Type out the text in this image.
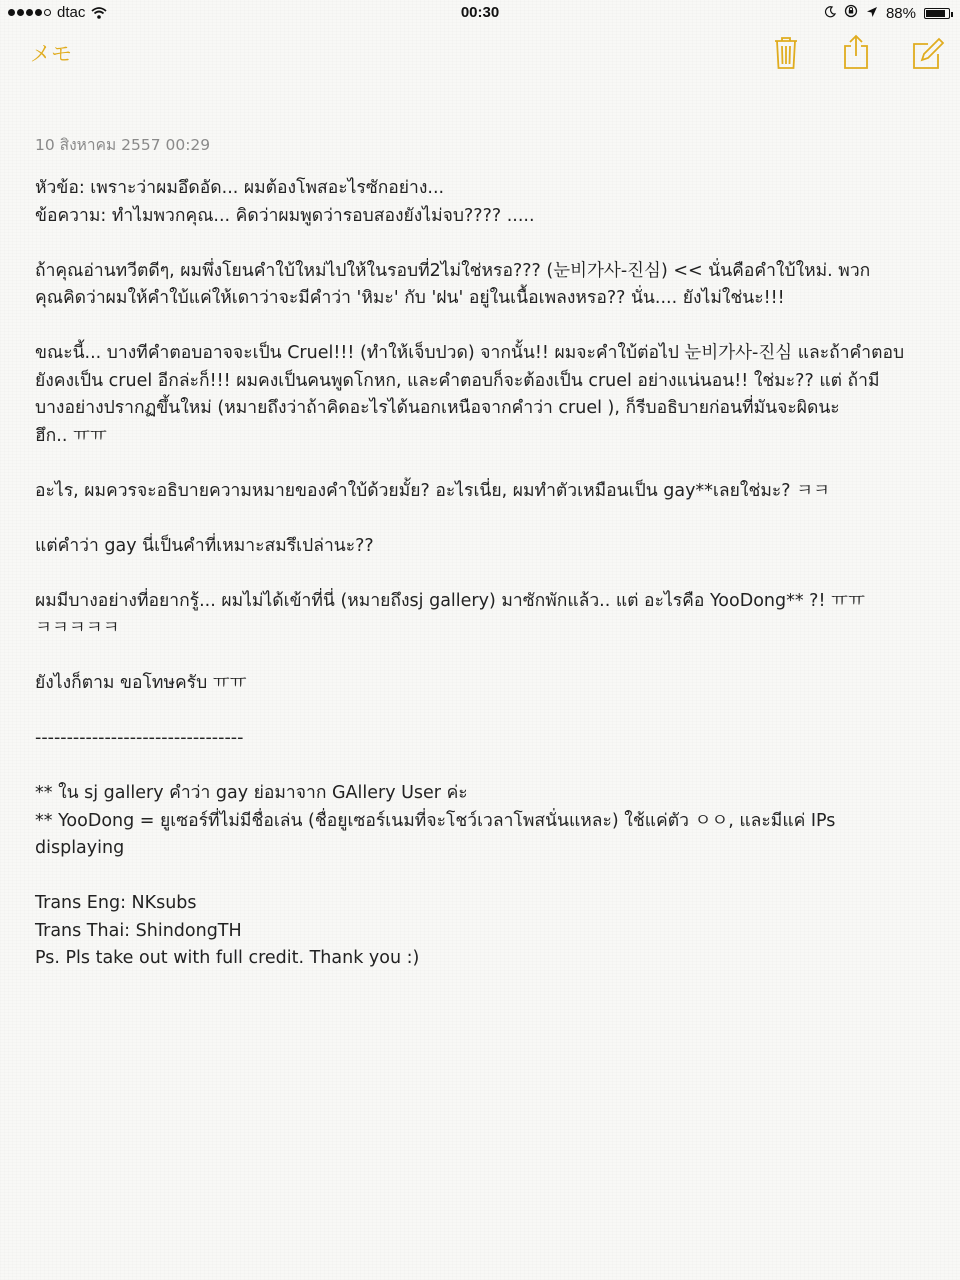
dtac	00:30	88%
メモ
10 สิงหาคม 2557 00:29
หัวข้อ: เพราะว่าผมอึดอัด... ผมต้องโพสอะไรซักอย่าง...
ข้อความ: ทำไมพวกคุณ... คิดว่าผมพูดว่ารอบสองยังไม่จบ???? .....
ถ้าคุณอ่านทวีตดีๆ, ผมพึ่งโยนคำใบ้ใหม่ไปให้ในรอบที่2ไม่ใช่หรอ??? (눈비가사-진심) << นั่นคือคำใบ้ใหม่. พวก
คุณคิดว่าผมให้คำใบ้แค่ให้เดาว่าจะมีคำว่า 'หิมะ' กับ 'ฝน' อยู่ในเนื้อเพลงหรอ?? นั่น.... ยังไม่ใช่นะ!!!
ขณะนี้... บางทีคำตอบอาจจะเป็น Cruel!!! (ทำให้เจ็บปวด) จากนั้น!! ผมจะคำใบ้ต่อไป 눈비가사-진심 และถ้าคำตอบ
ยังคงเป็น cruel อีกล่ะก็!!! ผมคงเป็นคนพูดโกหก, และคำตอบก็จะต้องเป็น cruel อย่างแน่นอน!! ใช่มะ?? แต่ ถ้ามี
บางอย่างปรากฏขึ้นใหม่ (หมายถึงว่าถ้าคิดอะไรได้นอกเหนือจากคำว่า cruel ), ก็รีบอธิบายก่อนที่มันจะผิดนะ
ฮึก.. ㅠㅠ
อะไร, ผมควรจะอธิบายความหมายของคำใบ้ด้วยมั้ย? อะไรเนี่ย, ผมทำตัวเหมือนเป็น gay**เลยใช่มะ? ㅋㅋ
แต่คำว่า gay นี่เป็นคำที่เหมาะสมรึเปล่านะ??
ผมมีบางอย่างที่อยากรู้... ผมไม่ได้เข้าที่นี่ (หมายถึงsj gallery) มาซักพักแล้ว.. แต่ อะไรคือ YooDong** ?! ㅠㅠ
ㅋㅋㅋㅋㅋ
ยังไงก็ตาม ขอโทษครับ ㅠㅠ
---------------------------------
** ใน sj gallery คำว่า gay ย่อมาจาก GAllery User ค่ะ
** YooDong = ยูเซอร์ที่ไม่มีชื่อเล่น (ชื่อยูเซอร์เนมที่จะโชว์เวลาโพสนั่นแหละ) ใช้แค่ตัว ㅇㅇ, และมีแค่ IPs
displaying
Trans Eng: NKsubs
Trans Thai: ShindongTH
Ps. Pls take out with full credit. Thank you :)
